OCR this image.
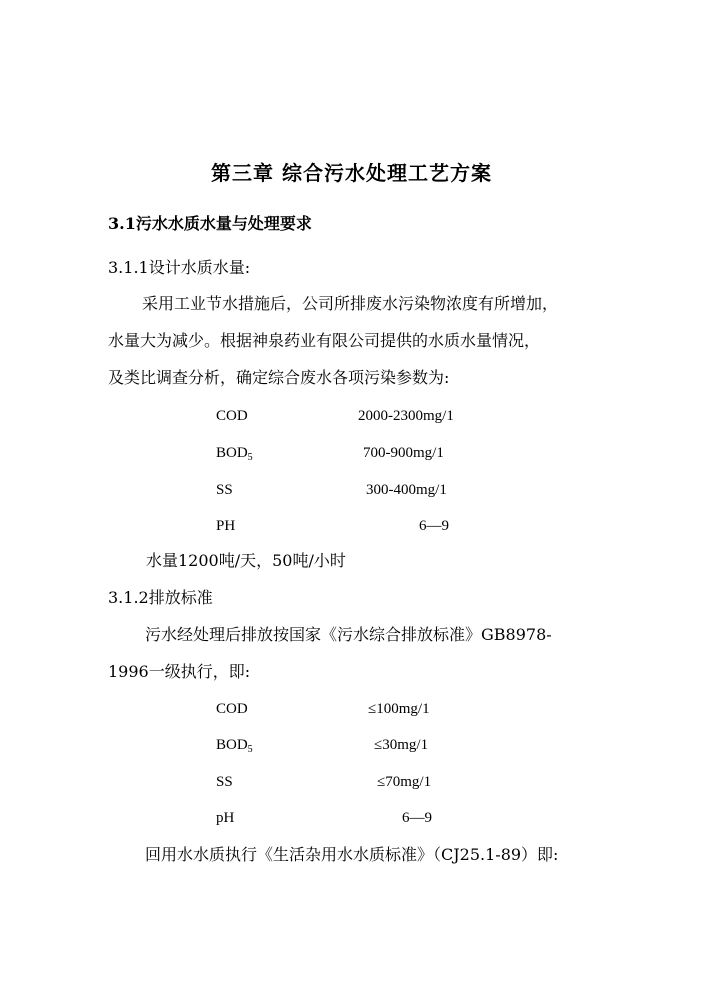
第三章 综合污水处理工艺方案
3.1污水水质水量与处理要求
3.1.1设计水质水量:
采用工业节水措施后，公司所排废水污染物浓度有所增加，
水量大为减少。根据神泉药业有限公司提供的水质水量情况，
及类比调查分析，确定综合废水各项污染参数为:
COD	2000-2300mg/1
$BOD_5$	700-900mg/1
SS	300-400mg/1
PH	6—9
水量1200吨/天，50吨/小时
3.1.2排放标准
污水经处理后排放按国家《污水综合排放标准》GB8978-
1996一级执行，即:
COD	≤100mg/1
$BOD_5$	≤30mg/1
SS	≤70mg/1
pH	6—9
回用水水质执行《生活杂用水水质标准》（CJ25.1-89）即:
